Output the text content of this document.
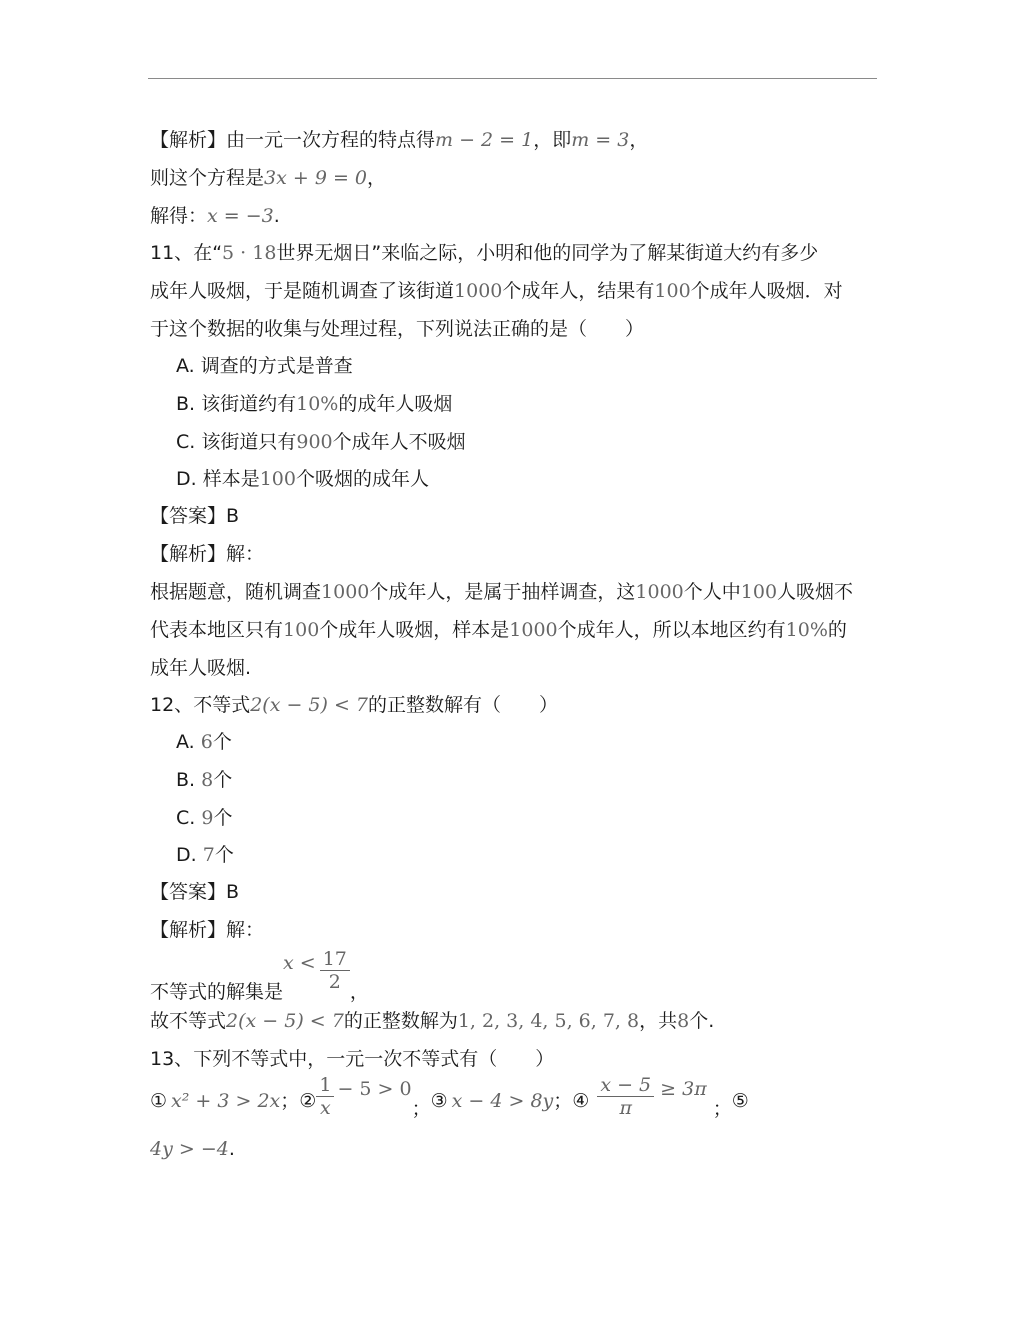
【解析】由一元一次方程的特点得m − 2 = 1，即m = 3，
则这个方程是3x + 9 = 0，
解得：x = −3.
11、在“5 · 18世界无烟日”来临之际，小明和他的同学为了解某街道大约有多少
成年人吸烟，于是随机调查了该街道1000个成年人，结果有100个成年人吸烟．对
于这个数据的收集与处理过程，下列说法正确的是（　　）
A. 调查的方式是普查
B. 该街道约有10%的成年人吸烟
C. 该街道只有900个成年人不吸烟
D. 样本是100个吸烟的成年人
【答案】B
【解析】解：
根据题意，随机调查1000个成年人，是属于抽样调查，这1000个人中100人吸烟不
代表本地区只有100个成年人吸烟，样本是1000个成年人，所以本地区约有10%的
成年人吸烟.
12、不等式2(x − 5) < 7的正整数解有（　　）
A. 6个
B. 8个
C. 9个
D. 7个
【答案】B
【解析】解：
不等式的解集是$x < \frac{17}{2}$ ，
故不等式2(x − 5) < 7的正整数解为1, 2, 3, 4, 5, 6, 7, 8，共8个.
13、下列不等式中，一元一次不等式有（　　）
① x² + 3 > 2x；② $\frac{1}{x} - 5 > 0$；③ x − 4 > 8y；④ $\frac{x - 5}{\pi} \ge 3\pi$；⑤
4y > −4.
